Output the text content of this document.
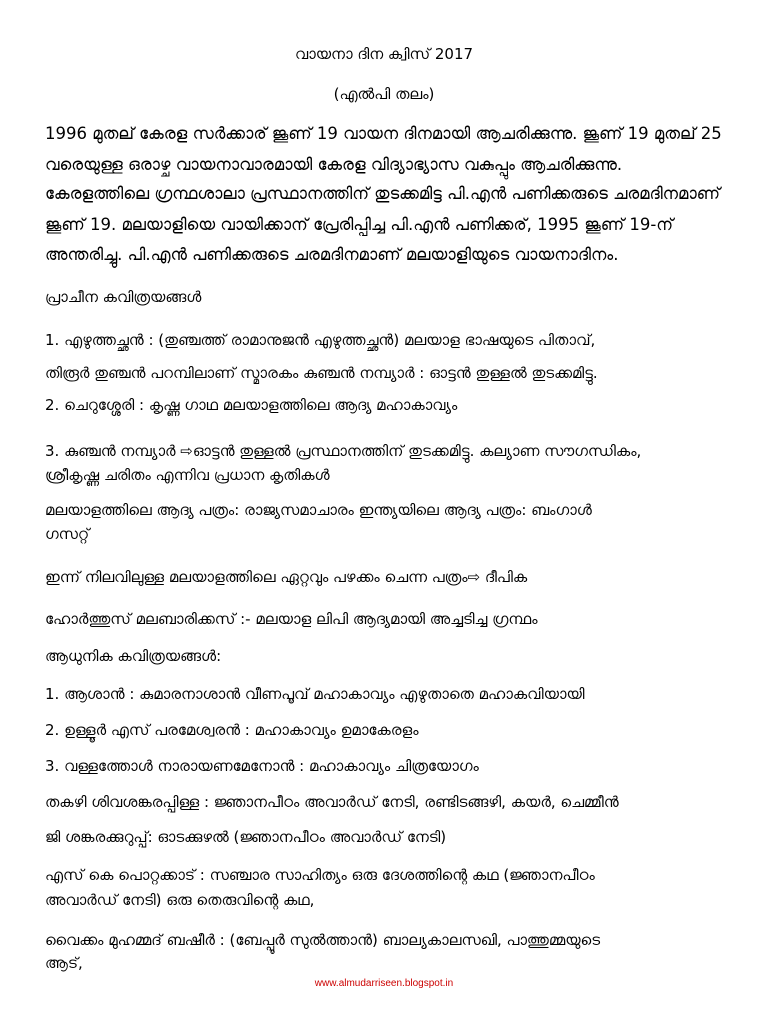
വായനാ ദിന ക്വിസ് 2017
(എൽപി തലം)
1996 മുതല് കേരള സർക്കാര് ജൂണ് 19 വായന ദിനമായി ആചരിക്കുന്നു. ജൂണ് 19 മുതല് 25
വരെയുള്ള ഒരാഴ്ച വായനാവാരമായി കേരള വിദ്യാഭ്യാസ വകുപ്പും ആചരിക്കുന്നു.
കേരളത്തിലെ ഗ്രന്ഥശാലാ പ്രസ്ഥാനത്തിന് തുടക്കമിട്ട പി.എൻ പണിക്കരുടെ ചരമദിനമാണ്
ജൂണ് 19. മലയാളിയെ വായിക്കാന് പ്രേരിപ്പിച്ച പി.എൻ പണിക്കര്, 1995 ജൂണ് 19-ന്
അന്തരിച്ചു. പി.എൻ പണിക്കരുടെ ചരമദിനമാണ് മലയാളിയുടെ വായനാദിനം.
പ്രാചീന കവിത്രയങ്ങൾ
1. എഴുത്തച്ഛൻ : (തുഞ്ചത്ത് രാമാനുജൻ എഴുത്തച്ഛൻ) മലയാള ഭാഷയുടെ പിതാവ്,
തിരൂർ തുഞ്ചൻ പറമ്പിലാണ് സ്മാരകം കുഞ്ചൻ നമ്പ്യാർ : ഓട്ടൻ തുള്ളൽ തുടക്കമിട്ടു.
2. ചെറുശ്ശേരി : കൃഷ്ണ ഗാഥ മലയാളത്തിലെ ആദ്യ മഹാകാവ്യം
3. കുഞ്ചൻ നമ്പ്യാർ ⇨ഓട്ടൻ തുള്ളൽ പ്രസ്ഥാനത്തിന് തുടക്കമിട്ടു. കല്യാണ സൗഗന്ധികം,
ശ്രീകൃഷ്ണ ചരിതം എന്നിവ പ്രധാന കൃതികൾ
മലയാളത്തിലെ ആദ്യ പത്രം: രാജ്യസമാചാരം ഇന്ത്യയിലെ ആദ്യ പത്രം: ബംഗാൾ
ഗസറ്റ്
ഇന്ന് നിലവിലുള്ള മലയാളത്തിലെ ഏറ്റവും പഴക്കം ചെന്ന പത്രം⇨ ദീപിക
ഹോർത്തുസ് മലബാരിക്കസ് :- മലയാള ലിപി ആദ്യമായി അച്ചടിച്ച ഗ്രന്ഥം
ആധുനിക കവിത്രയങ്ങൾ:
1. ആശാൻ : കുമാരനാശാൻ വീണപൂവ് മഹാകാവ്യം എഴുതാതെ മഹാകവിയായി
2. ഉള്ളൂർ എസ് പരമേശ്വരൻ : മഹാകാവ്യം ഉമാകേരളം
3. വള്ളത്തോൾ നാരായണമേനോൻ : മഹാകാവ്യം ചിത്രയോഗം
തകഴി ശിവശങ്കരപ്പിള്ള : ജ്ഞാനപീഠം അവാർഡ് നേടി, രണ്ടിടങ്ങഴി, കയർ, ചെമ്മീൻ
ജി ശങ്കരക്കുറുപ്പ്: ഓടക്കുഴൽ (ജ്ഞാനപീഠം അവാർഡ് നേടി)
എസ് കെ പൊറ്റക്കാട് : സഞ്ചാര സാഹിത്യം ഒരു ദേശത്തിന്റെ കഥ (ജ്ഞാനപീഠം
അവാർഡ് നേടി) ഒരു തെരുവിന്റെ കഥ,
വൈക്കം മുഹമ്മദ് ബഷീർ : (ബേപ്പൂർ സുൽത്താൻ) ബാല്യകാലസഖി, പാത്തുമ്മയുടെ
ആട്,
www.almudarriseen.blogspot.in
